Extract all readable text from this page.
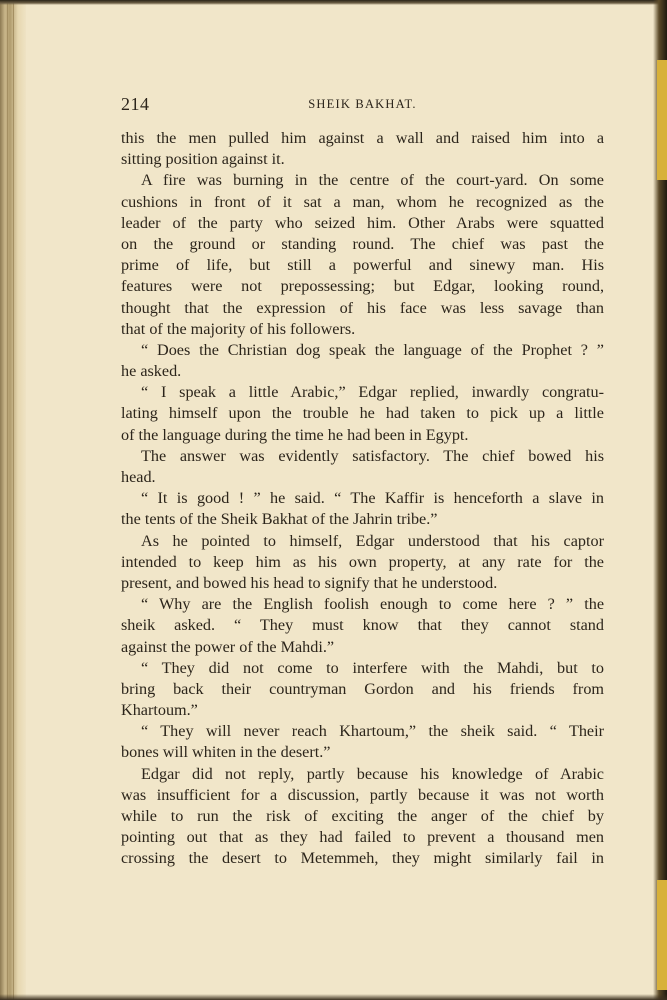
214	SHEIK BAKHAT.
this the men pulled him against a wall and raised him into a
sitting position against it.
A fire was burning in the centre of the court-yard. On some
cushions in front of it sat a man, whom he recognized as the
leader of the party who seized him. Other Arabs were squatted
on the ground or standing round. The chief was past the
prime of life, but still a powerful and sinewy man. His
features were not prepossessing; but Edgar, looking round,
thought that the expression of his face was less savage than
that of the majority of his followers.
“ Does the Christian dog speak the language of the Prophet ? ”
he asked.
“ I speak a little Arabic,” Edgar replied, inwardly congratu-
lating himself upon the trouble he had taken to pick up a little
of the language during the time he had been in Egypt.
The answer was evidently satisfactory. The chief bowed his
head.
“ It is good ! ” he said. “ The Kaffir is henceforth a slave in
the tents of the Sheik Bakhat of the Jahrin tribe.”
As he pointed to himself, Edgar understood that his captor
intended to keep him as his own property, at any rate for the
present, and bowed his head to signify that he understood.
“ Why are the English foolish enough to come here ? ” the
sheik asked. “ They must know that they cannot stand
against the power of the Mahdi.”
“ They did not come to interfere with the Mahdi, but to
bring back their countryman Gordon and his friends from
Khartoum.”
“ They will never reach Khartoum,” the sheik said. “ Their
bones will whiten in the desert.”
Edgar did not reply, partly because his knowledge of Arabic
was insufficient for a discussion, partly because it was not worth
while to run the risk of exciting the anger of the chief by
pointing out that as they had failed to prevent a thousand men
crossing the desert to Metemmeh, they might similarly fail in
